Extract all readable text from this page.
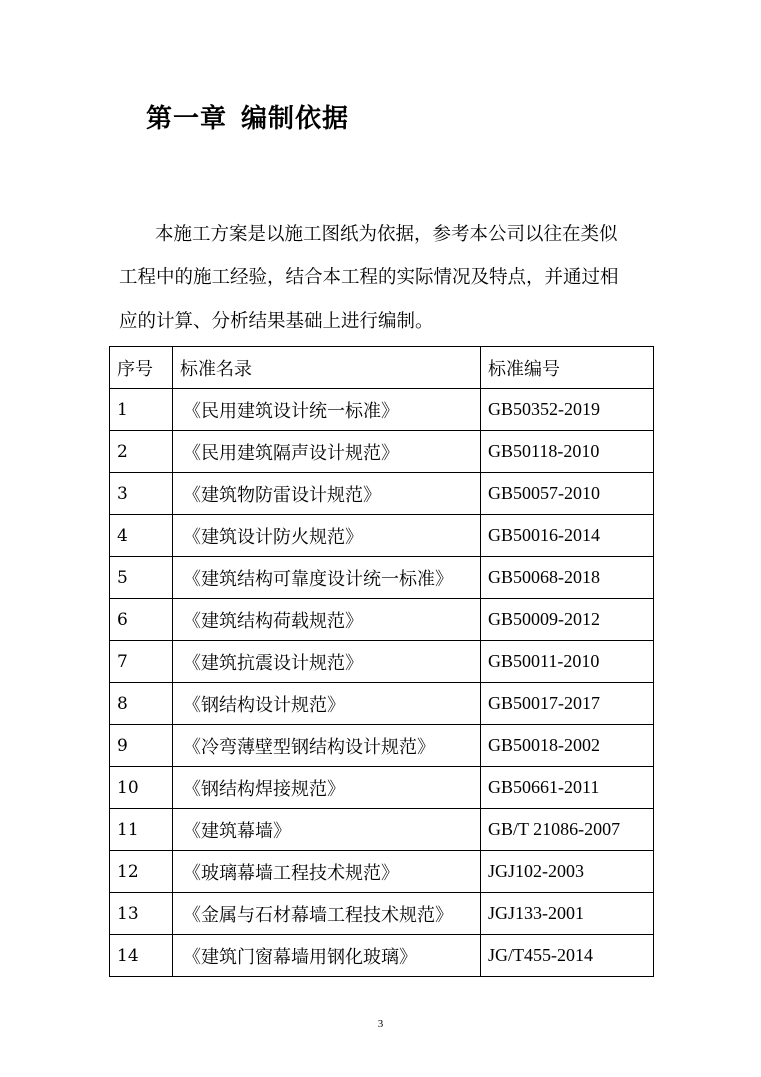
第一章 编制依据

本施工方案是以施工图纸为依据，参考本公司以往在类似

工程中的施工经验，结合本工程的实际情况及特点，并通过相

应的计算、分析结果基础上进行编制。

序号	标准名录	标准编号
1	《民用建筑设计统一标准》	GB50352-2019
2	《民用建筑隔声设计规范》	GB50118-2010
3	《建筑物防雷设计规范》	GB50057-2010
4	《建筑设计防火规范》	GB50016-2014
5	《建筑结构可靠度设计统一标准》	GB50068-2018
6	《建筑结构荷载规范》	GB50009-2012
7	《建筑抗震设计规范》	GB50011-2010
8	《钢结构设计规范》	GB50017-2017
9	《冷弯薄壁型钢结构设计规范》	GB50018-2002
10	《钢结构焊接规范》	GB50661-2011
11	《建筑幕墙》	GB/T 21086-2007
12	《玻璃幕墙工程技术规范》	JGJ102-2003
13	《金属与石材幕墙工程技术规范》	JGJ133-2001
14	《建筑门窗幕墙用钢化玻璃》	JG/T455-2014
3
